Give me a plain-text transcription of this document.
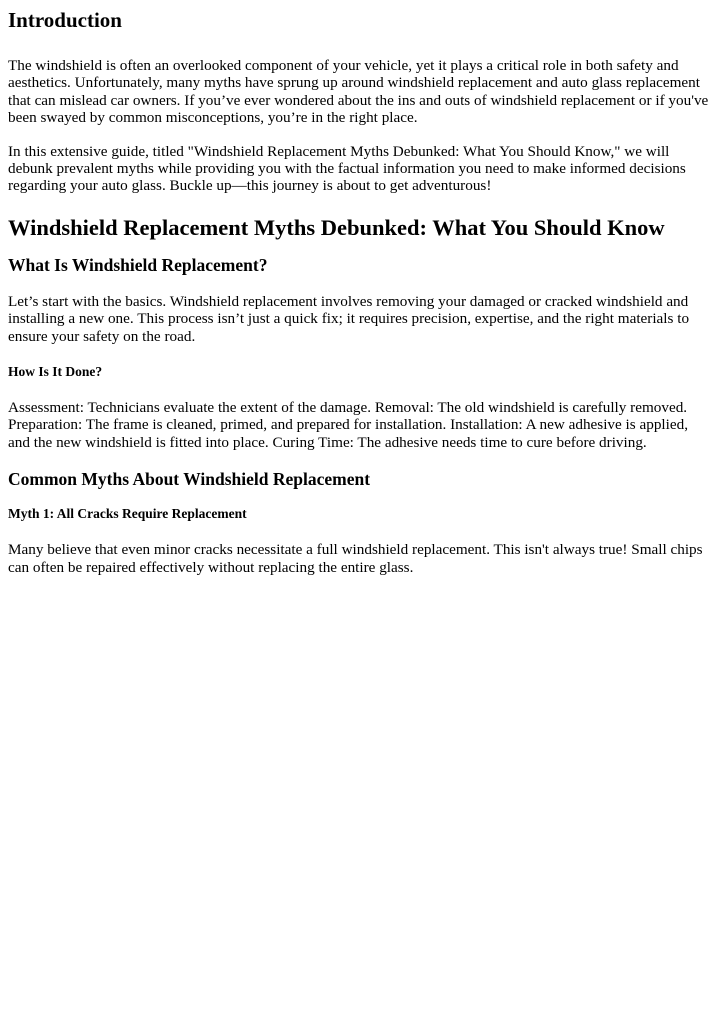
Introduction

The windshield is often an overlooked component of your vehicle, yet it plays a critical role in both safety and aesthetics. Unfortunately, many myths have sprung up around windshield replacement and auto glass replacement that can mislead car owners. If you’ve ever wondered about the ins and outs of windshield replacement or if you've been swayed by common misconceptions, you’re in the right place.

In this extensive guide, titled "Windshield Replacement Myths Debunked: What You Should Know," we will debunk prevalent myths while providing you with the factual information you need to make informed decisions regarding your auto glass. Buckle up—this journey is about to get adventurous!

Windshield Replacement Myths Debunked: What You Should Know
What Is Windshield Replacement?

Let’s start with the basics. Windshield replacement involves removing your damaged or cracked windshield and installing a new one. This process isn’t just a quick fix; it requires precision, expertise, and the right materials to ensure your safety on the road.

How Is It Done?

Assessment: Technicians evaluate the extent of the damage. Removal: The old windshield is carefully removed. Preparation: The frame is cleaned, primed, and prepared for installation. Installation: A new adhesive is applied, and the new windshield is fitted into place. Curing Time: The adhesive needs time to cure before driving.

Common Myths About Windshield Replacement
Myth 1: All Cracks Require Replacement

Many believe that even minor cracks necessitate a full windshield replacement. This isn't always true! Small chips can often be repaired effectively without replacing the entire glass.
